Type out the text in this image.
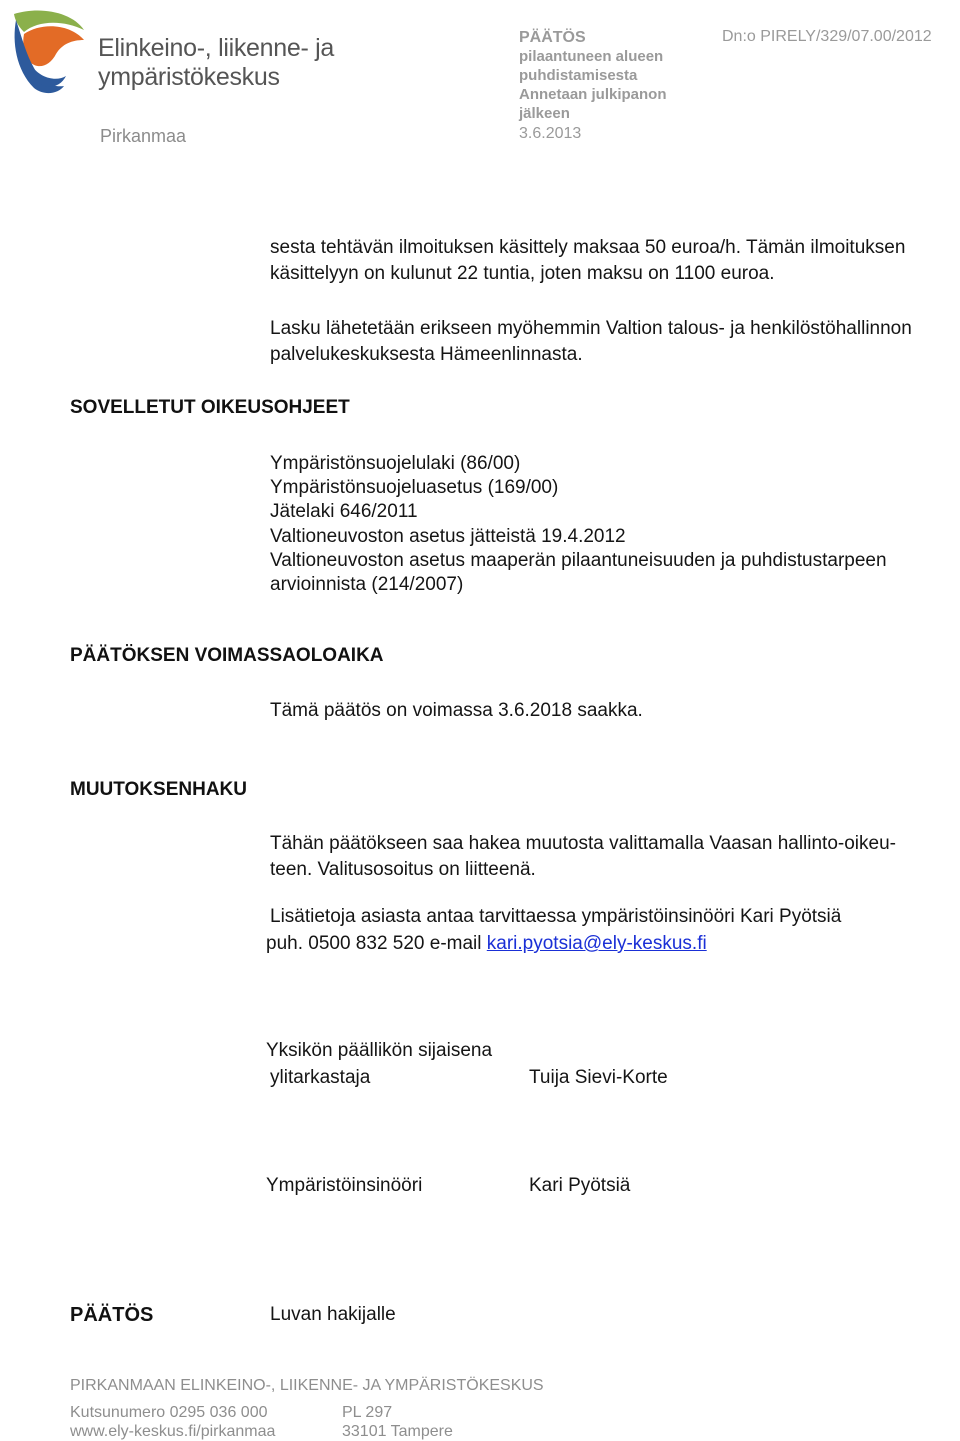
Elinkeino-, liikenne- ja
ympäristökeskus
Pirkanmaa
PÄÄTÖS
pilaantuneen alueen
puhdistamisesta
Annetaan julkipanon
jälkeen
3.6.2013
Dn:o PIRELY/329/07.00/2012
sesta tehtävän ilmoituksen käsittely maksaa 50 euroa/h. Tämän ilmoituksen
käsittelyyn on kulunut 22 tuntia, joten maksu on 1100 euroa.
Lasku lähetetään erikseen myöhemmin Valtion talous- ja henkilöstöhallinnon
palvelukeskuksesta Hämeenlinnasta.
SOVELLETUT OIKEUSOHJEET
Ympäristönsuojelulaki (86/00)
Ympäristönsuojeluasetus (169/00)
Jätelaki 646/2011
Valtioneuvoston asetus jätteistä 19.4.2012
Valtioneuvoston asetus maaperän pilaantuneisuuden ja puhdistustarpeen
arvioinnista (214/2007)
PÄÄTÖKSEN VOIMASSAOLOAIKA
Tämä päätös on voimassa 3.6.2018 saakka.
MUUTOKSENHAKU
Tähän päätökseen saa hakea muutosta valittamalla Vaasan hallinto-oikeu-
teen. Valitusosoitus on liitteenä.
Lisätietoja asiasta antaa tarvittaessa ympäristöinsinööri Kari Pyötsiä
puh. 0500 832 520 e-mail kari.pyotsia@ely-keskus.fi
Yksikön päällikön sijaisena
ylitarkastaja	Tuija Sievi-Korte
Ympäristöinsinööri	Kari Pyötsiä
PÄÄTÖS	Luvan hakijalle
PIRKANMAAN ELINKEINO-, LIIKENNE- JA YMPÄRISTÖKESKUS
Kutsunumero 0295 036 000
www.ely-keskus.fi/pirkanmaa
PL 297
33101 Tampere
